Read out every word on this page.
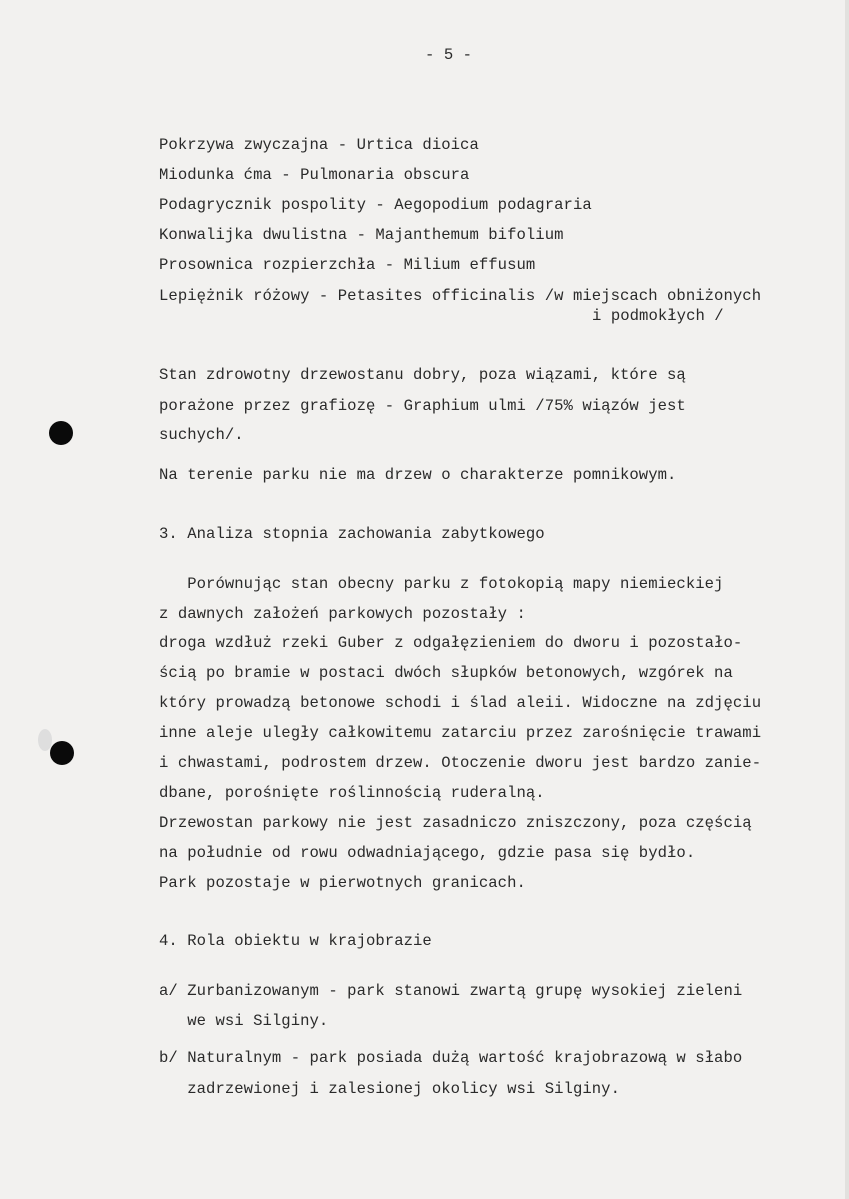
- 5 -
Pokrzywa zwyczajna - Urtica dioica
Miodunka ćma - Pulmonaria obscura
Podagrycznik pospolity - Aegopodium podagraria
Konwalijka dwulistna - Majanthemum bifolium
Prosownica rozpierzchła - Milium effusum
Lepiężnik różowy - Petasites officinalis /w miejscach obniżonych
i podmokłych /
Stan zdrowotny drzewostanu dobry, poza wiązami, które są
porażone przez grafiozę - Graphium ulmi /75% wiązów jest
suchych/.
Na terenie parku nie ma drzew o charakterze pomnikowym.
3. Analiza stopnia zachowania zabytkowego
Porównując stan obecny parku z fotokopią mapy niemieckiej
z dawnych założeń parkowych pozostały :
droga wzdłuż rzeki Guber z odgałęzieniem do dworu i pozostało-
ścią po bramie w postaci dwóch słupków betonowych, wzgórek na
który prowadzą betonowe schodi i ślad aleii. Widoczne na zdjęciu
inne aleje uległy całkowitemu zatarciu przez zarośnięcie trawami
i chwastami, podrostem drzew. Otoczenie dworu jest bardzo zanie-
dbane, porośnięte roślinnością ruderalną.
Drzewostan parkowy nie jest zasadniczo zniszczony, poza częścią
na południe od rowu odwadniającego, gdzie pasa się bydło.
Park pozostaje w pierwotnych granicach.
4. Rola obiektu w krajobrazie
a/ Zurbanizowanym - park stanowi zwartą grupę wysokiej zieleni
we wsi Silginy.
b/ Naturalnym - park posiada dużą wartość krajobrazową w słabo
zadrzewionej i zalesionej okolicy wsi Silginy.
